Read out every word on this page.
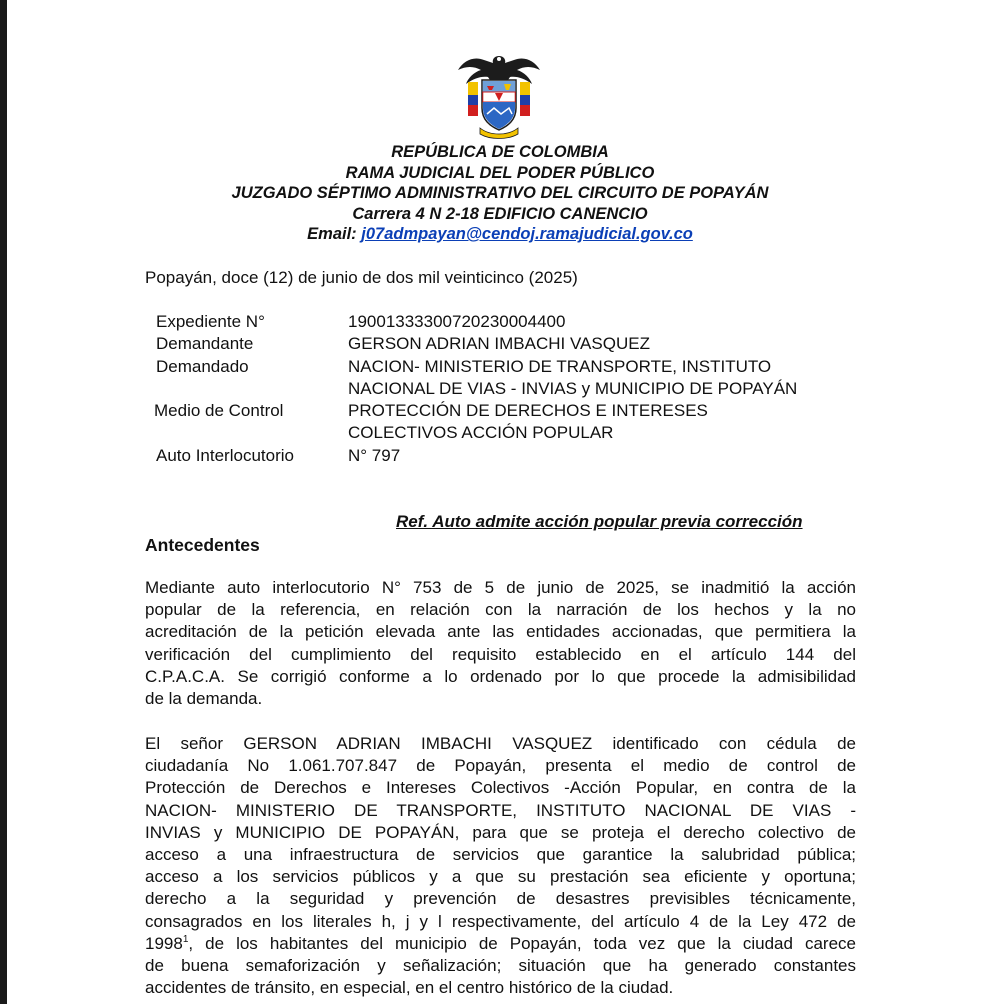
REPÚBLICA DE COLOMBIA
RAMA JUDICIAL DEL PODER PÚBLICO
JUZGADO SÉPTIMO ADMINISTRATIVO DEL CIRCUITO DE POPAYÁN
Carrera 4 N 2-18 EDIFICIO CANENCIO
Email: j07admpayan@cendoj.ramajudicial.gov.co
Popayán, doce (12) de junio de dos mil veinticinco (2025)
Expediente N°	19001333300720230004400
Demandante	GERSON ADRIAN IMBACHI VASQUEZ
Demandado	NACION- MINISTERIO DE TRANSPORTE, INSTITUTO
NACIONAL DE VIAS - INVIAS y MUNICIPIO DE POPAYÁN
Medio de Control	PROTECCIÓN DE DERECHOS E INTERESES
COLECTIVOS ACCIÓN POPULAR
Auto Interlocutorio	N° 797
Ref. Auto admite acción popular previa corrección
Antecedentes
Mediante auto interlocutorio N° 753 de 5 de junio de 2025, se inadmitió la acción
popular de la referencia, en relación con la narración de los hechos y la no
acreditación de la petición elevada ante las entidades accionadas, que permitiera la
verificación del cumplimiento del requisito establecido en el artículo 144 del
C.P.A.C.A. Se corrigió conforme a lo ordenado por lo que procede la admisibilidad
de la demanda.
El señor GERSON ADRIAN IMBACHI VASQUEZ identificado con cédula de
ciudadanía No 1.061.707.847 de Popayán, presenta el medio de control de
Protección de Derechos e Intereses Colectivos -Acción Popular, en contra de la
NACION- MINISTERIO DE TRANSPORTE, INSTITUTO NACIONAL DE VIAS -
INVIAS y MUNICIPIO DE POPAYÁN, para que se proteja el derecho colectivo de
acceso a una infraestructura de servicios que garantice la salubridad pública;
acceso a los servicios públicos y a que su prestación sea eficiente y oportuna;
derecho a la seguridad y prevención de desastres previsibles técnicamente,
consagrados en los literales h, j y l respectivamente, del artículo 4 de la Ley 472 de
1998$^1$, de los habitantes del municipio de Popayán, toda vez que la ciudad carece
de buena semaforización y señalización; situación que ha generado constantes
accidentes de tránsito, en especial, en el centro histórico de la ciudad.
